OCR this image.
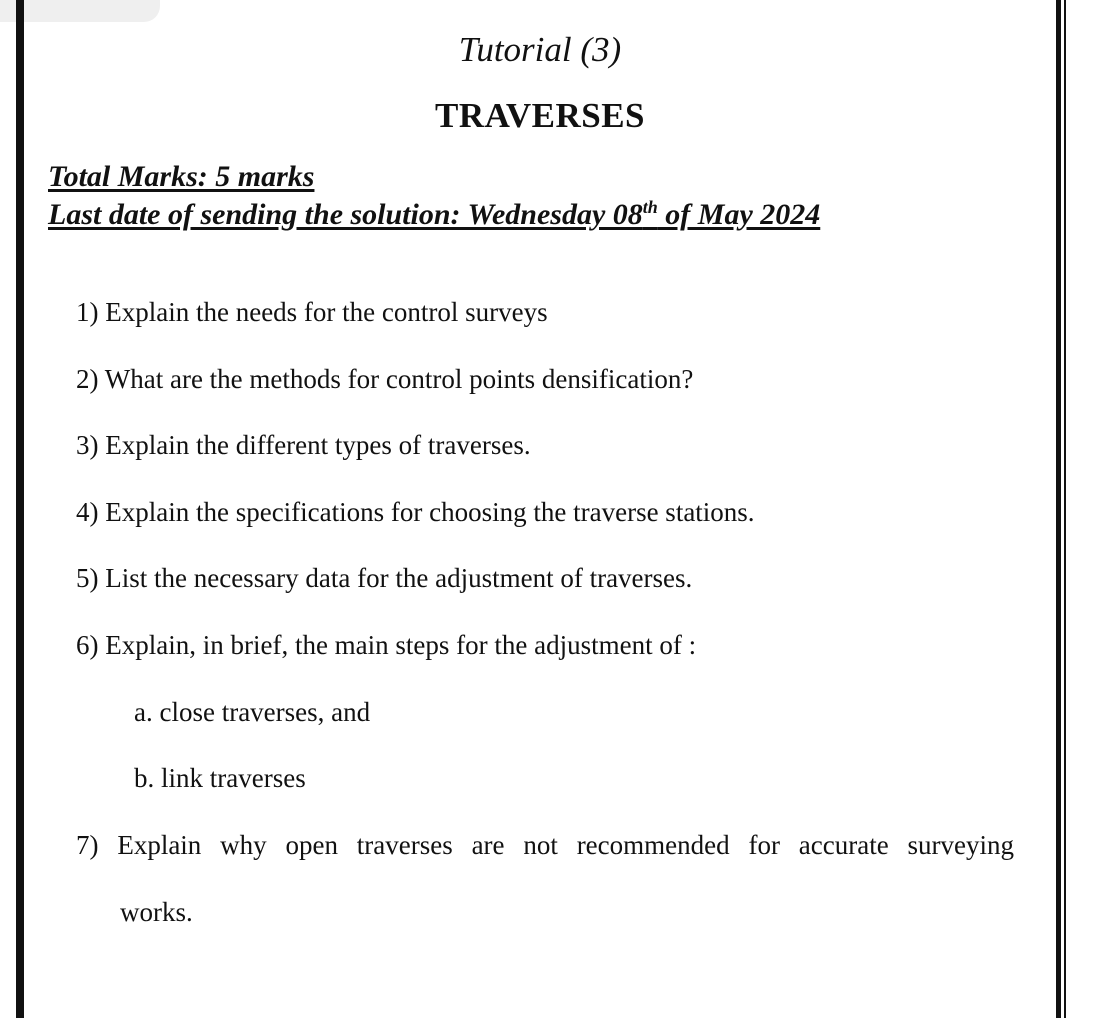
Tutorial (3)
TRAVERSES
Total Marks: 5 marks
Last date of sending the solution: Wednesday 08th of May 2024
1) Explain the needs for the control surveys
2) What are the methods for control points densification?
3) Explain the different types of traverses.
4) Explain the specifications for choosing the traverse stations.
5) List the necessary data for the adjustment of traverses.
6) Explain, in brief, the main steps for the adjustment of :
a. close traverses, and
b. link traverses
7) Explain why open traverses are not recommended for accurate surveying
works.
